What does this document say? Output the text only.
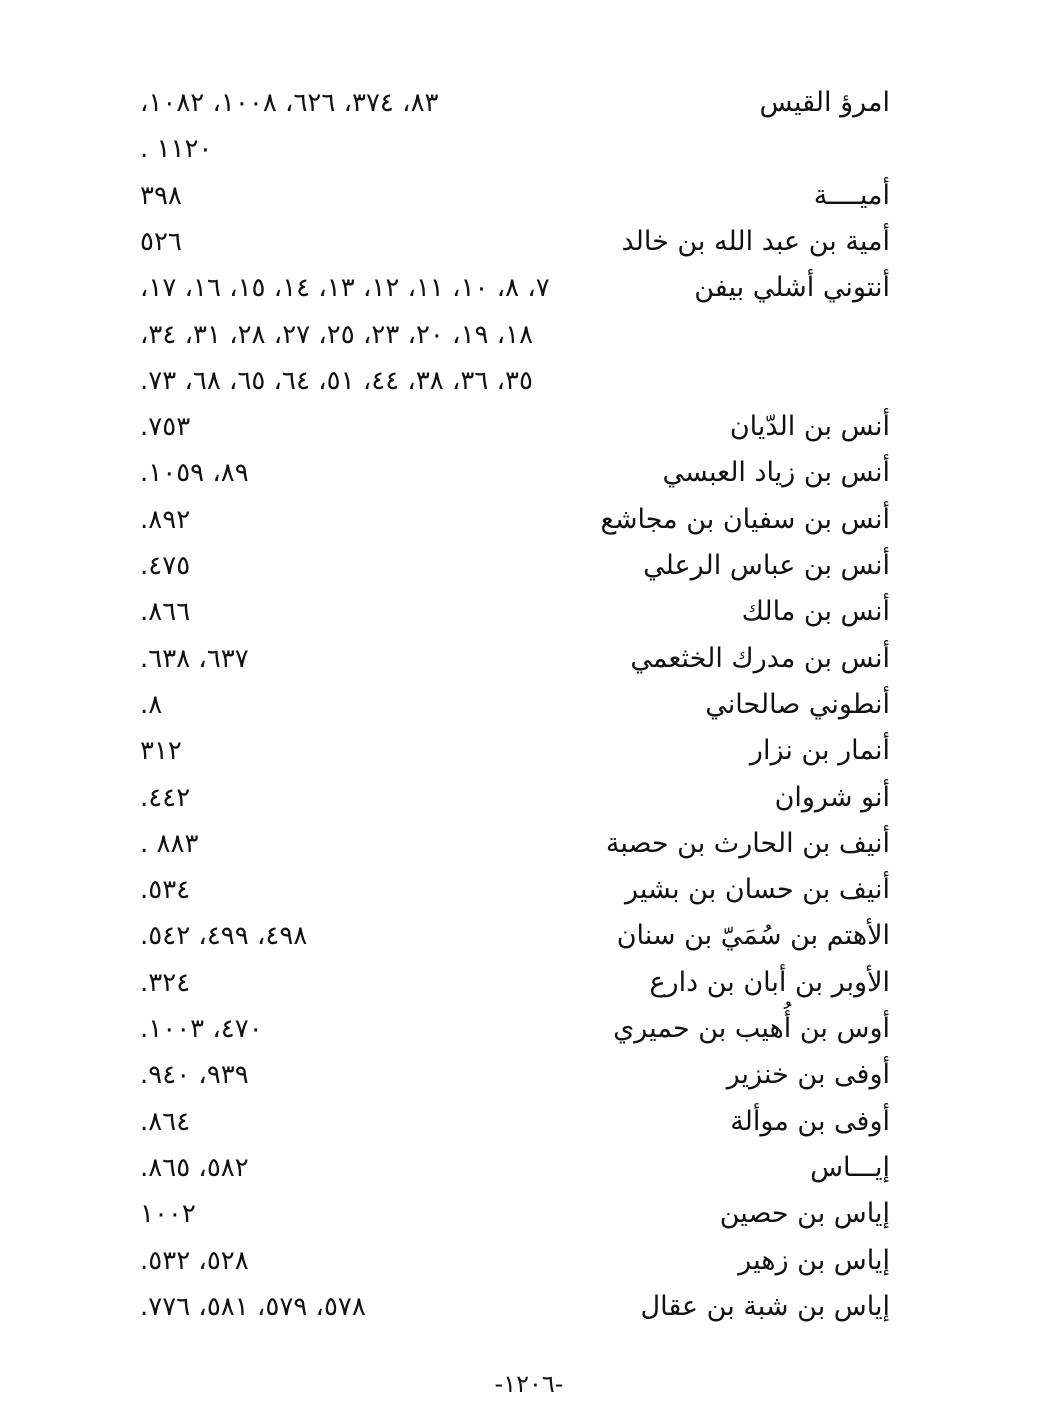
امرؤ القيس
٨٣، ٣٧٤، ٦٢٦، ١٠٠٨، ١٠٨٢،
١١٢٠ .
أميــــة
٣٩٨
أمية بن عبد الله بن خالد
٥٢٦
أنتوني أشلي بيفن
٧، ٨، ١٠، ١١، ١٢، ١٣، ١٤، ١٥، ١٦، ١٧،
١٨، ١٩، ٢٠، ٢٣، ٢٥، ٢٧، ٢٨، ٣١، ٣٤،
٣٥، ٣٦، ٣٨، ٤٤، ٥١، ٦٤، ٦٥، ٦٨، ٧٣.
أنس بن الدّيان
٧٥٣.
أنس بن زياد العبسي
٨٩، ١٠٥٩.
أنس بن سفيان بن مجاشع
٨٩٢.
أنس بن عباس الرعلي
٤٧٥.
أنس بن مالك
٨٦٦.
أنس بن مدرك الخثعمي
٦٣٧، ٦٣٨.
أنطوني صالحاني
٨.
أنمار بن نزار
٣١٢
أنو شروان
٤٤٢.
أنيف بن الحارث بن حصبة
٨٨٣ .
أنيف بن حسان بن بشير
٥٣٤.
الأهتم بن سُمَيّ بن سنان
٤٩٨، ٤٩٩، ٥٤٢.
الأوبر بن أبان بن دارع
٣٢٤.
أوس بن أُهيب بن حميري
٤٧٠، ١٠٠٣.
أوفى بن خنزير
٩٣٩، ٩٤٠.
أوفى بن موألة
٨٦٤.
إيـــاس
٥٨٢، ٨٦٥.
إياس بن حصين
١٠٠٢
إياس بن زهير
٥٢٨، ٥٣٢.
إياس بن شبة بن عقال
٥٧٨، ٥٧٩، ٥٨١، ٧٧٦.
-١٢٠٦-
